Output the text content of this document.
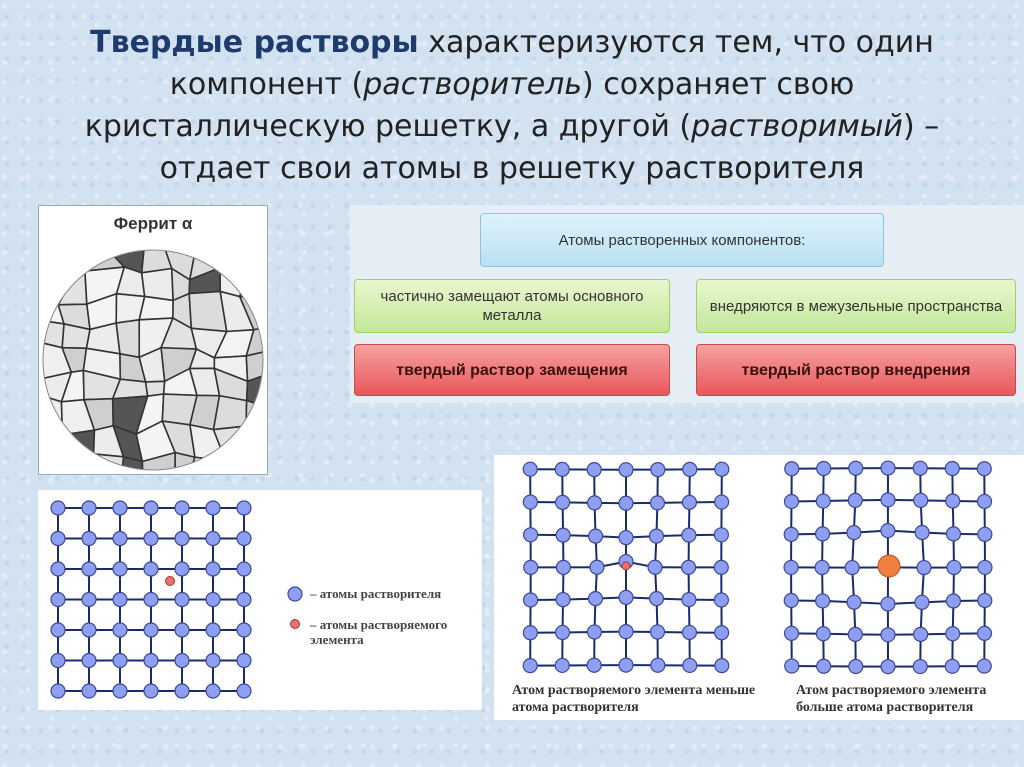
Твердые растворы характеризуются тем, что один компонент (растворитель) сохраняет свою кристаллическую решетку, а другой (растворимый) – отдает свои атомы в решетку растворителя
Феррит α
Атомы растворенных компонентов:
частично замещают атомы основного металла
внедряются в межузельные пространства
твердый раствор замещения	твердый раствор внедрения
– атомы растворителя
– атомы растворяемого элемента
Атом растворяемого элемента меньше атома растворителя
Атом растворяемого элемента больше атома растворителя
